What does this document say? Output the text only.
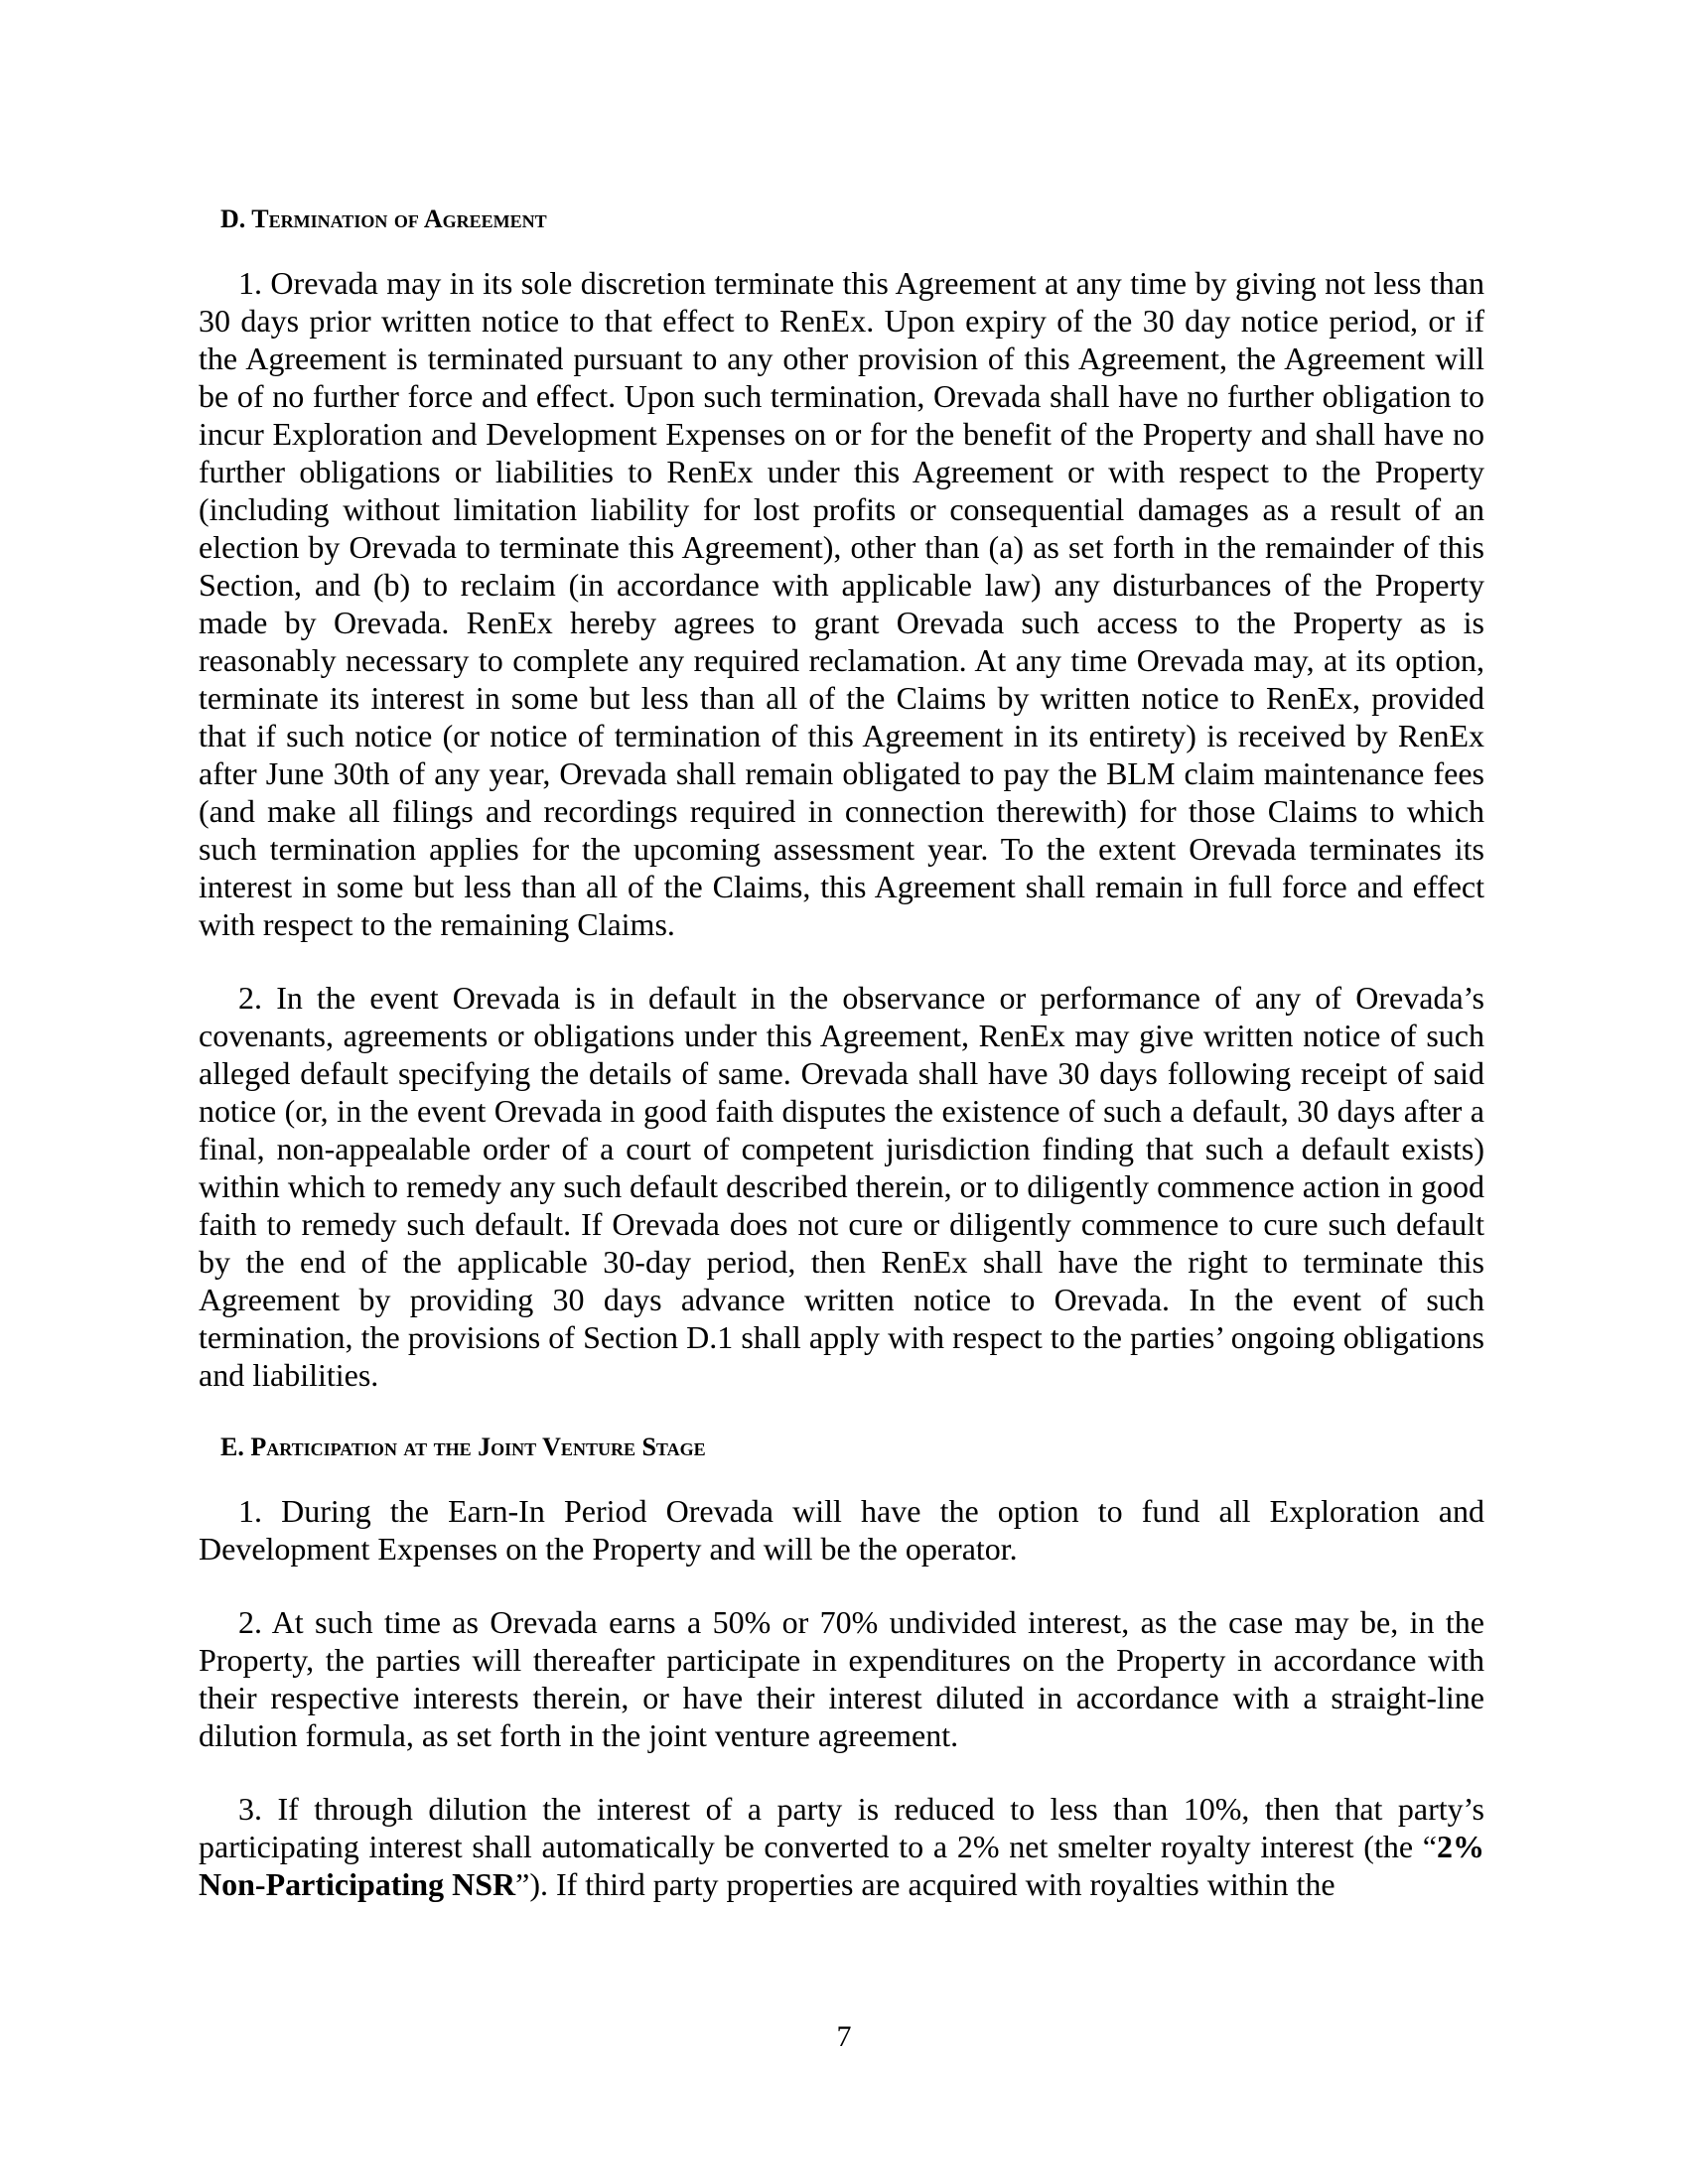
D. Termination of Agreement

1. Orevada may in its sole discretion terminate this Agreement at any time by giving not less than 30 days prior written notice to that effect to RenEx. Upon expiry of the 30 day notice period, or if the Agreement is terminated pursuant to any other provision of this Agreement, the Agreement will be of no further force and effect. Upon such termination, Orevada shall have no further obligation to incur Exploration and Development Expenses on or for the benefit of the Property and shall have no further obligations or liabilities to RenEx under this Agreement or with respect to the Property (including without limitation liability for lost profits or consequential damages as a result of an election by Orevada to terminate this Agreement), other than (a) as set forth in the remainder of this Section, and (b) to reclaim (in accordance with applicable law) any disturbances of the Property made by Orevada. RenEx hereby agrees to grant Orevada such access to the Property as is reasonably necessary to complete any required reclamation. At any time Orevada may, at its option, terminate its interest in some but less than all of the Claims by written notice to RenEx, provided that if such notice (or notice of termination of this Agreement in its entirety) is received by RenEx after June 30th of any year, Orevada shall remain obligated to pay the BLM claim maintenance fees (and make all filings and recordings required in connection therewith) for those Claims to which such termination applies for the upcoming assessment year. To the extent Orevada terminates its interest in some but less than all of the Claims, this Agreement shall remain in full force and effect with respect to the remaining Claims.

2. In the event Orevada is in default in the observance or performance of any of Orevada’s covenants, agreements or obligations under this Agreement, RenEx may give written notice of such alleged default specifying the details of same. Orevada shall have 30 days following receipt of said notice (or, in the event Orevada in good faith disputes the existence of such a default, 30 days after a final, non-appealable order of a court of competent jurisdiction finding that such a default exists) within which to remedy any such default described therein, or to diligently commence action in good faith to remedy such default. If Orevada does not cure or diligently commence to cure such default by the end of the applicable 30-day period, then RenEx shall have the right to terminate this Agreement by providing 30 days advance written notice to Orevada. In the event of such termination, the provisions of Section D.1 shall apply with respect to the parties’ ongoing obligations and liabilities.

E. Participation at the Joint Venture Stage

1. During the Earn-In Period Orevada will have the option to fund all Exploration and Development Expenses on the Property and will be the operator.

2. At such time as Orevada earns a 50% or 70% undivided interest, as the case may be, in the Property, the parties will thereafter participate in expenditures on the Property in accordance with their respective interests therein, or have their interest diluted in accordance with a straight-line dilution formula, as set forth in the joint venture agreement.

3. If through dilution the interest of a party is reduced to less than 10%, then that party’s participating interest shall automatically be converted to a 2% net smelter royalty interest (the “2% Non-Participating NSR”). If third party properties are acquired with royalties within the

7
